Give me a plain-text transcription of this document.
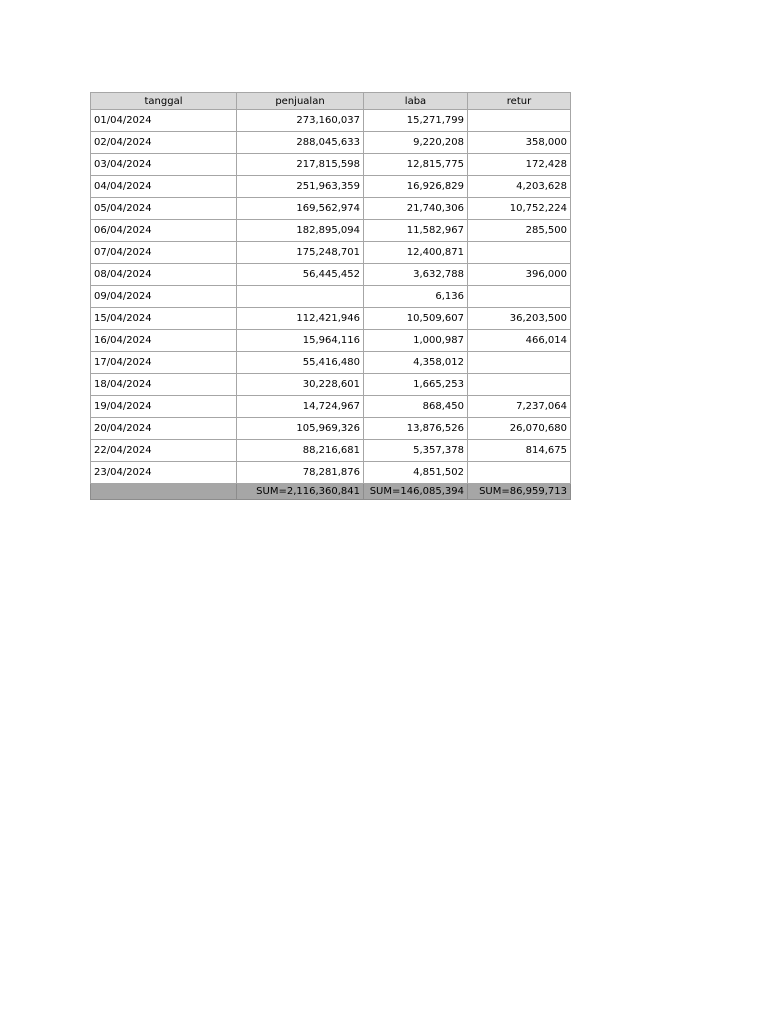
tanggal	penjualan	laba	retur
01/04/2024	273,160,037	15,271,799	
02/04/2024	288,045,633	9,220,208	358,000
03/04/2024	217,815,598	12,815,775	172,428
04/04/2024	251,963,359	16,926,829	4,203,628
05/04/2024	169,562,974	21,740,306	10,752,224
06/04/2024	182,895,094	11,582,967	285,500
07/04/2024	175,248,701	12,400,871	
08/04/2024	56,445,452	3,632,788	396,000
09/04/2024		6,136	
15/04/2024	112,421,946	10,509,607	36,203,500
16/04/2024	15,964,116	1,000,987	466,014
17/04/2024	55,416,480	4,358,012	
18/04/2024	30,228,601	1,665,253	
19/04/2024	14,724,967	868,450	7,237,064
20/04/2024	105,969,326	13,876,526	26,070,680
22/04/2024	88,216,681	5,357,378	814,675
23/04/2024	78,281,876	4,851,502	
	SUM=2,116,360,841	SUM=146,085,394	SUM=86,959,713
